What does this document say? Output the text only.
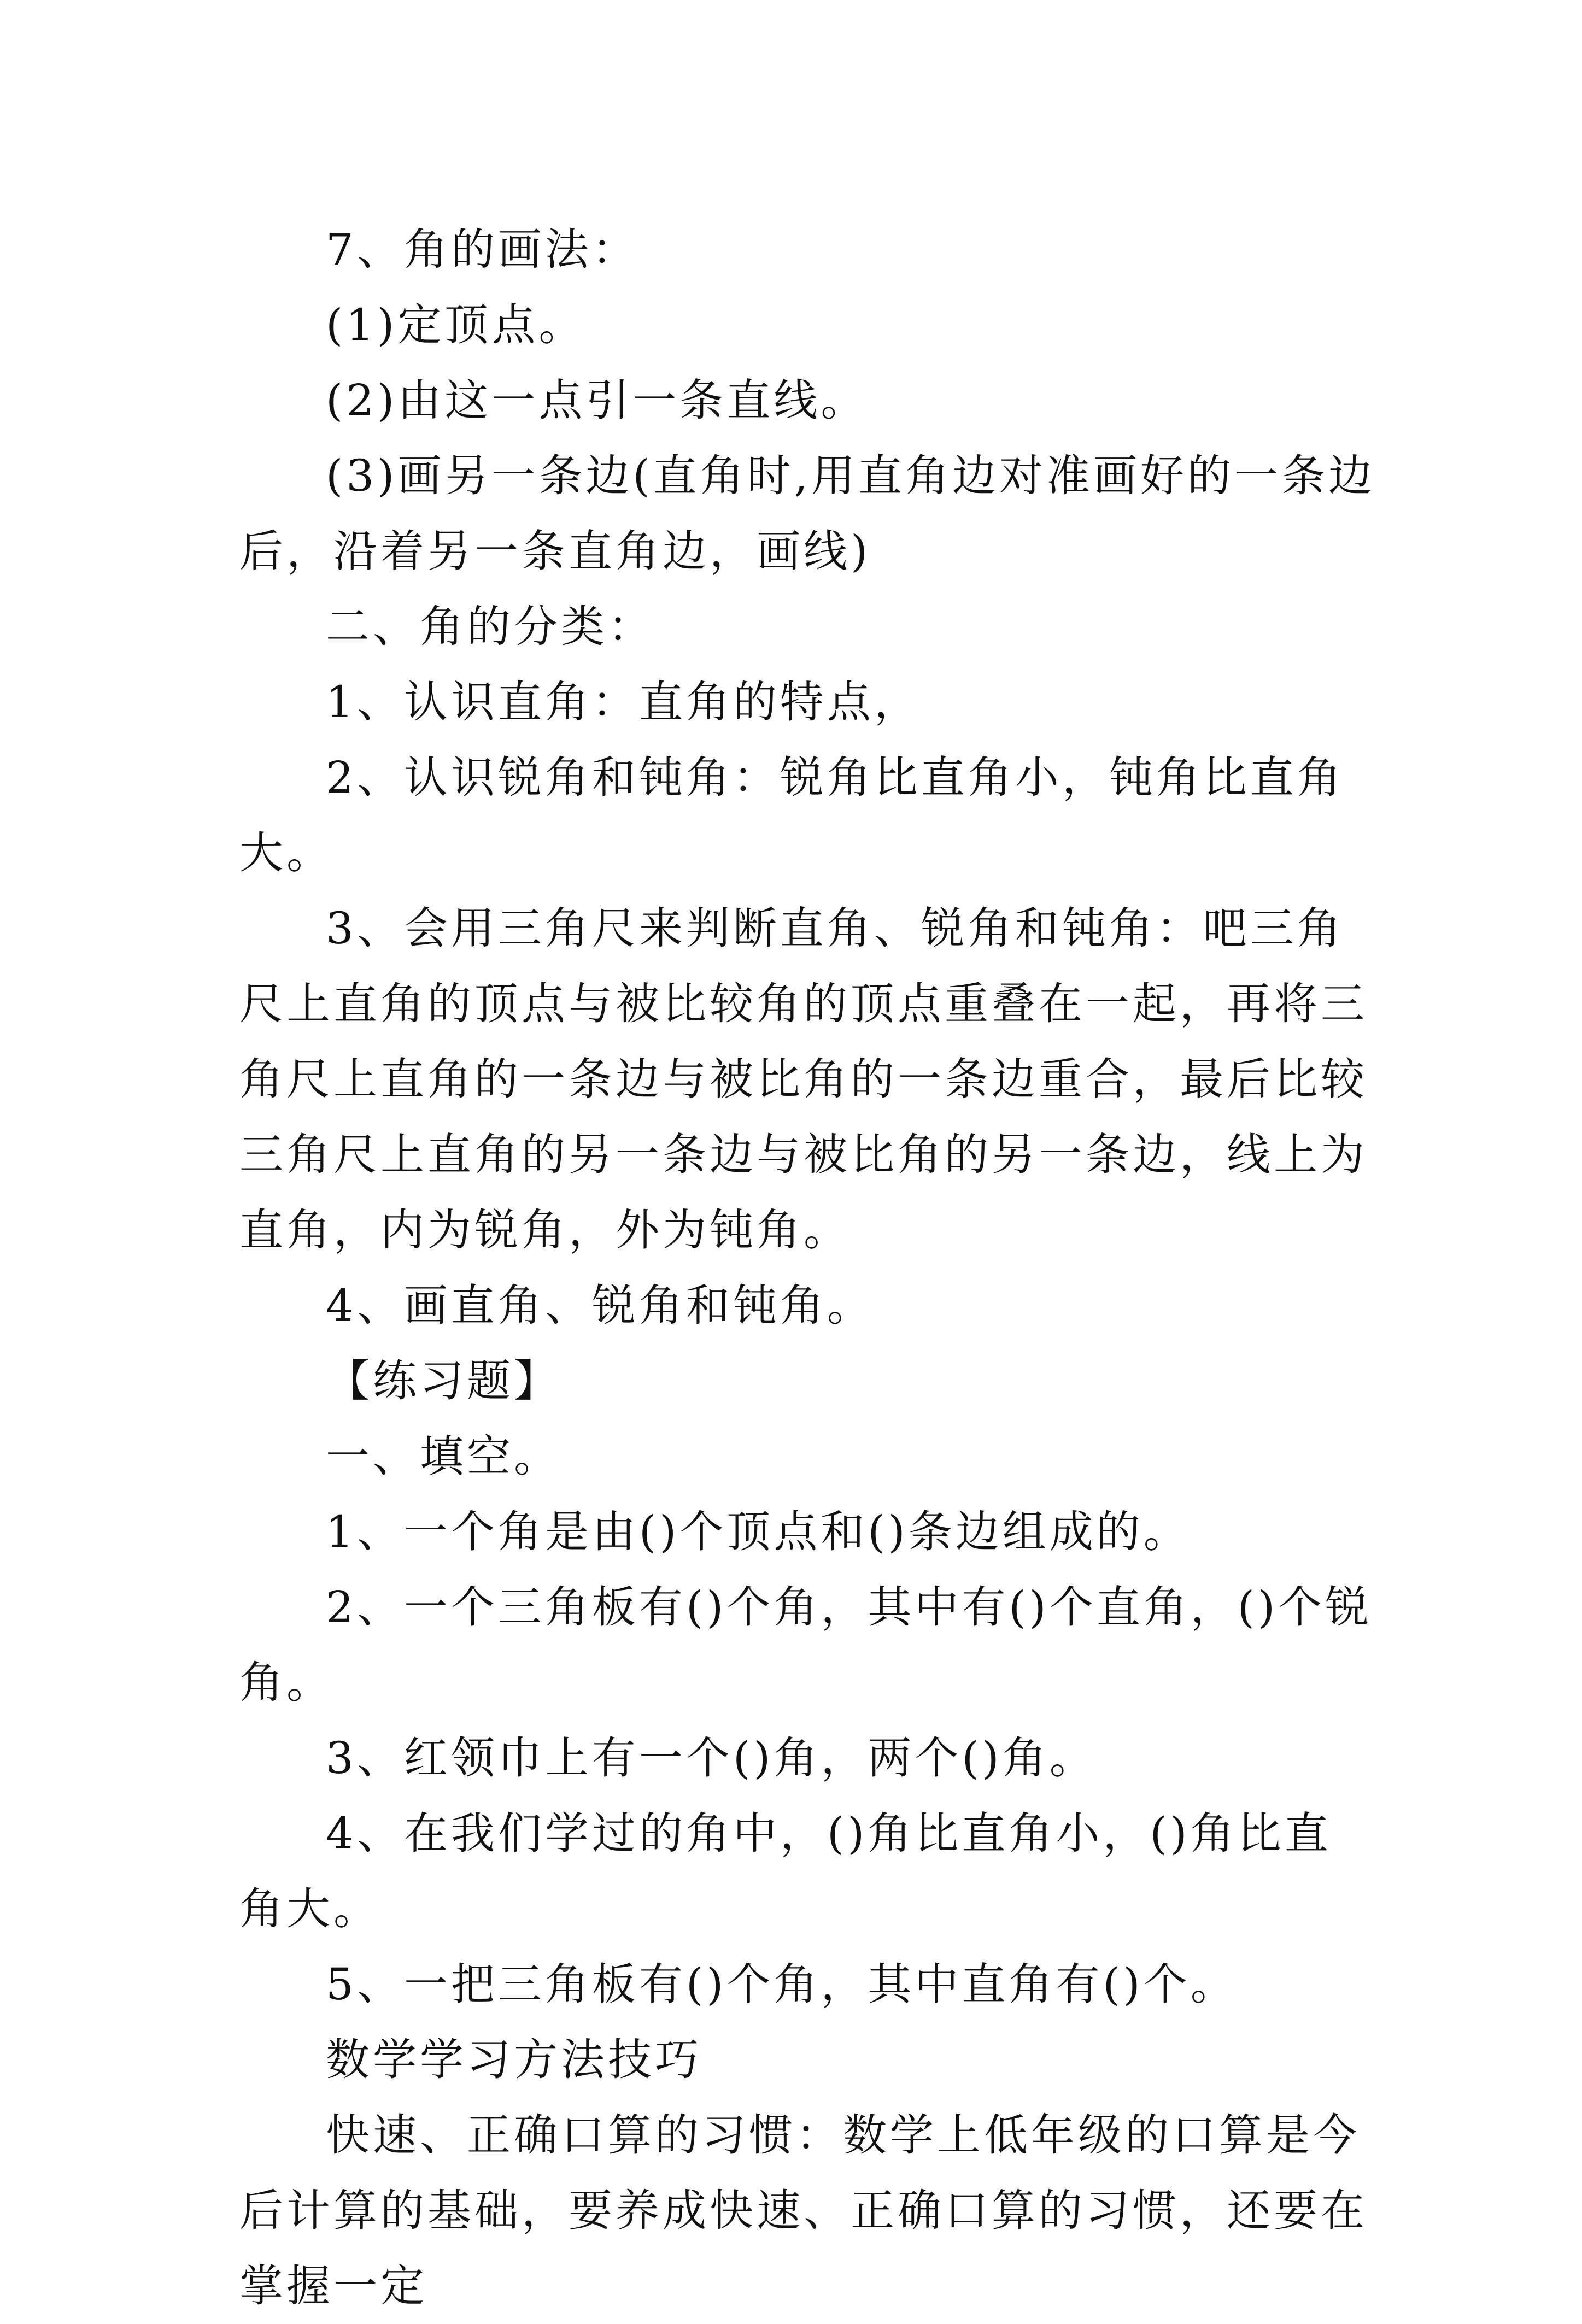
7、角的画法：

(1)定顶点。

(2)由这一点引一条直线。

(3)画另一条边(直角时,用直角边对准画好的一条边后，沿着另一条直角边，画线)

二、角的分类：

1、认识直角：直角的特点，

2、认识锐角和钝角：锐角比直角小，钝角比直角大。

3、会用三角尺来判断直角、锐角和钝角：吧三角尺上直角的顶点与被比较角的顶点重叠在一起，再将三角尺上直角的一条边与被比角的一条边重合，最后比较三角尺上直角的另一条边与被比角的另一条边，线上为直角，内为锐角，外为钝角。

4、画直角、锐角和钝角。

【练习题】

一、填空。

1、一个角是由()个顶点和()条边组成的。

2、一个三角板有()个角，其中有()个直角，()个锐角。

3、红领巾上有一个()角，两个()角。

4、在我们学过的角中，()角比直角小，()角比直角大。

5、一把三角板有()个角，其中直角有()个。

数学学习方法技巧

快速、正确口算的习惯：数学上低年级的口算是今后计算的基础，要养成快速、正确口算的习惯，还要在掌握一定
